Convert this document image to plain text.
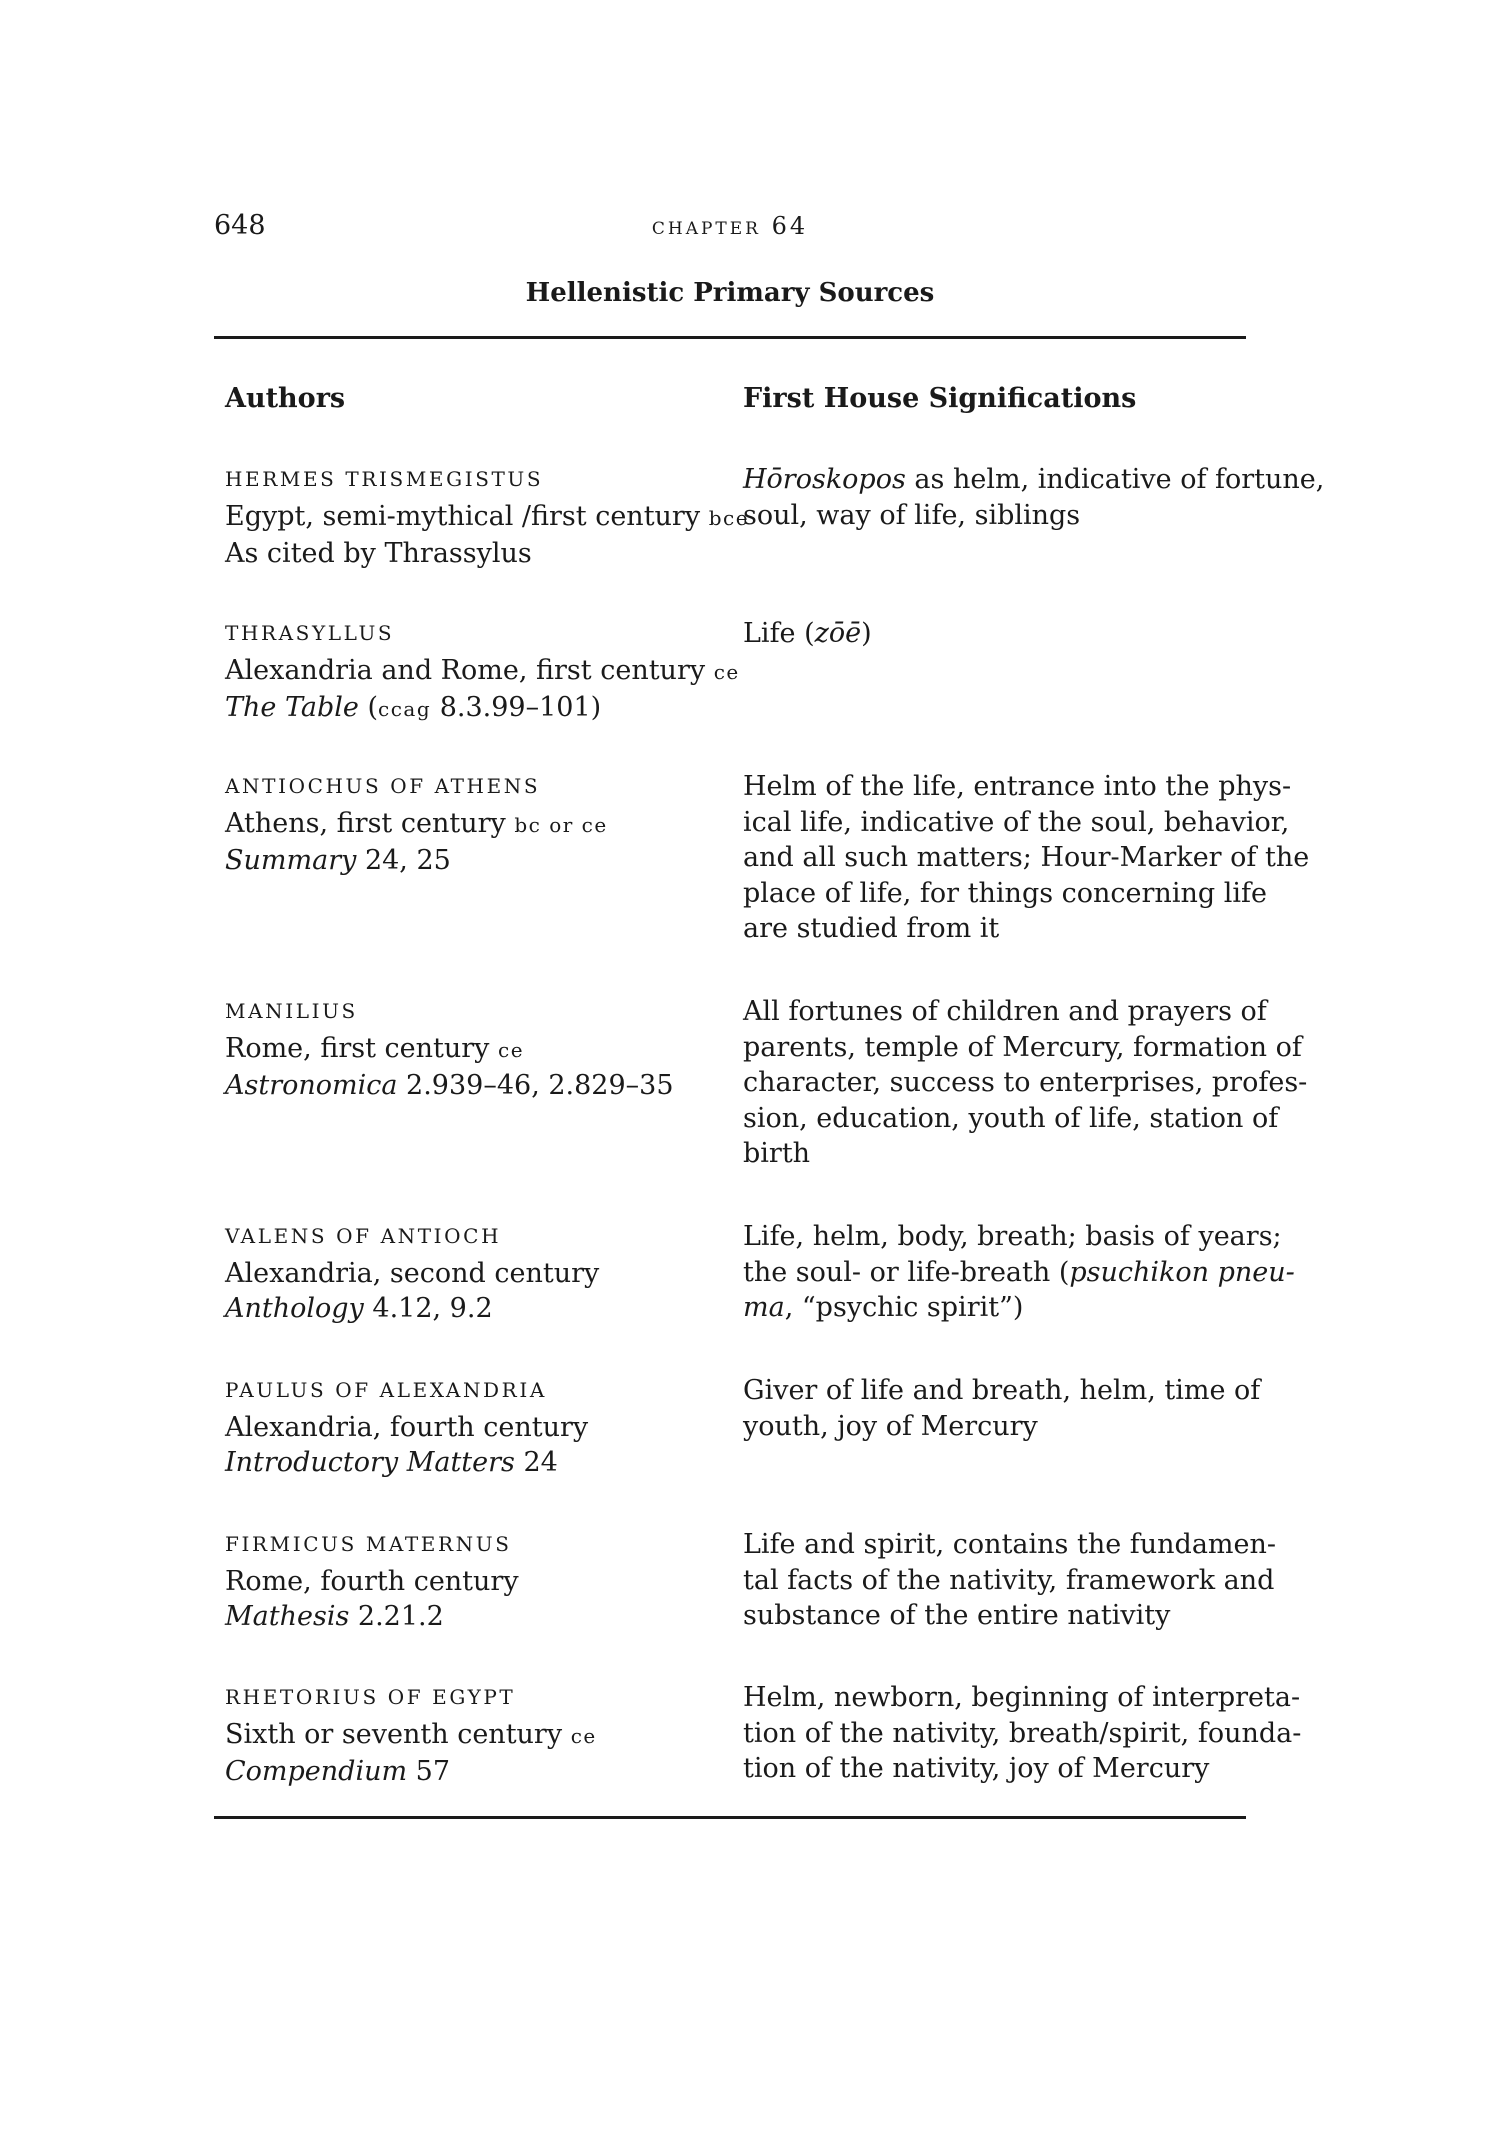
648	chapter 64
Hellenistic Primary Sources
Authors	First House Significations
HERMES TRISMEGISTUS
Egypt, semi-mythical /first century bce
As cited by Thrassylus
Hōroskopos as helm, indicative of fortune,
soul, way of life, siblings
THRASYLLUS
Alexandria and Rome, first century ce
The Table (ccag 8.3.99–101)
Life (zōē)
ANTIOCHUS OF ATHENS
Athens, first century bc or ce
Summary 24, 25
Helm of the life, entrance into the phys-
ical life, indicative of the soul, behavior,
and all such matters; Hour-Marker of the
place of life, for things concerning life
are studied from it
MANILIUS
Rome, first century ce
Astronomica 2.939–46, 2.829–35
All fortunes of children and prayers of
parents, temple of Mercury, formation of
character, success to enterprises, profes-
sion, education, youth of life, station of
birth
VALENS OF ANTIOCH
Alexandria, second century
Anthology 4.12, 9.2
Life, helm, body, breath; basis of years;
the soul- or life-breath (psuchikon pneu-
ma, “psychic spirit”)
PAULUS OF ALEXANDRIA
Alexandria, fourth century
Introductory Matters 24
Giver of life and breath, helm, time of
youth, joy of Mercury
FIRMICUS MATERNUS
Rome, fourth century
Mathesis 2.21.2
Life and spirit, contains the fundamen-
tal facts of the nativity, framework and
substance of the entire nativity
RHETORIUS OF EGYPT
Sixth or seventh century ce
Compendium 57
Helm, newborn, beginning of interpreta-
tion of the nativity, breath/spirit, founda-
tion of the nativity, joy of Mercury
